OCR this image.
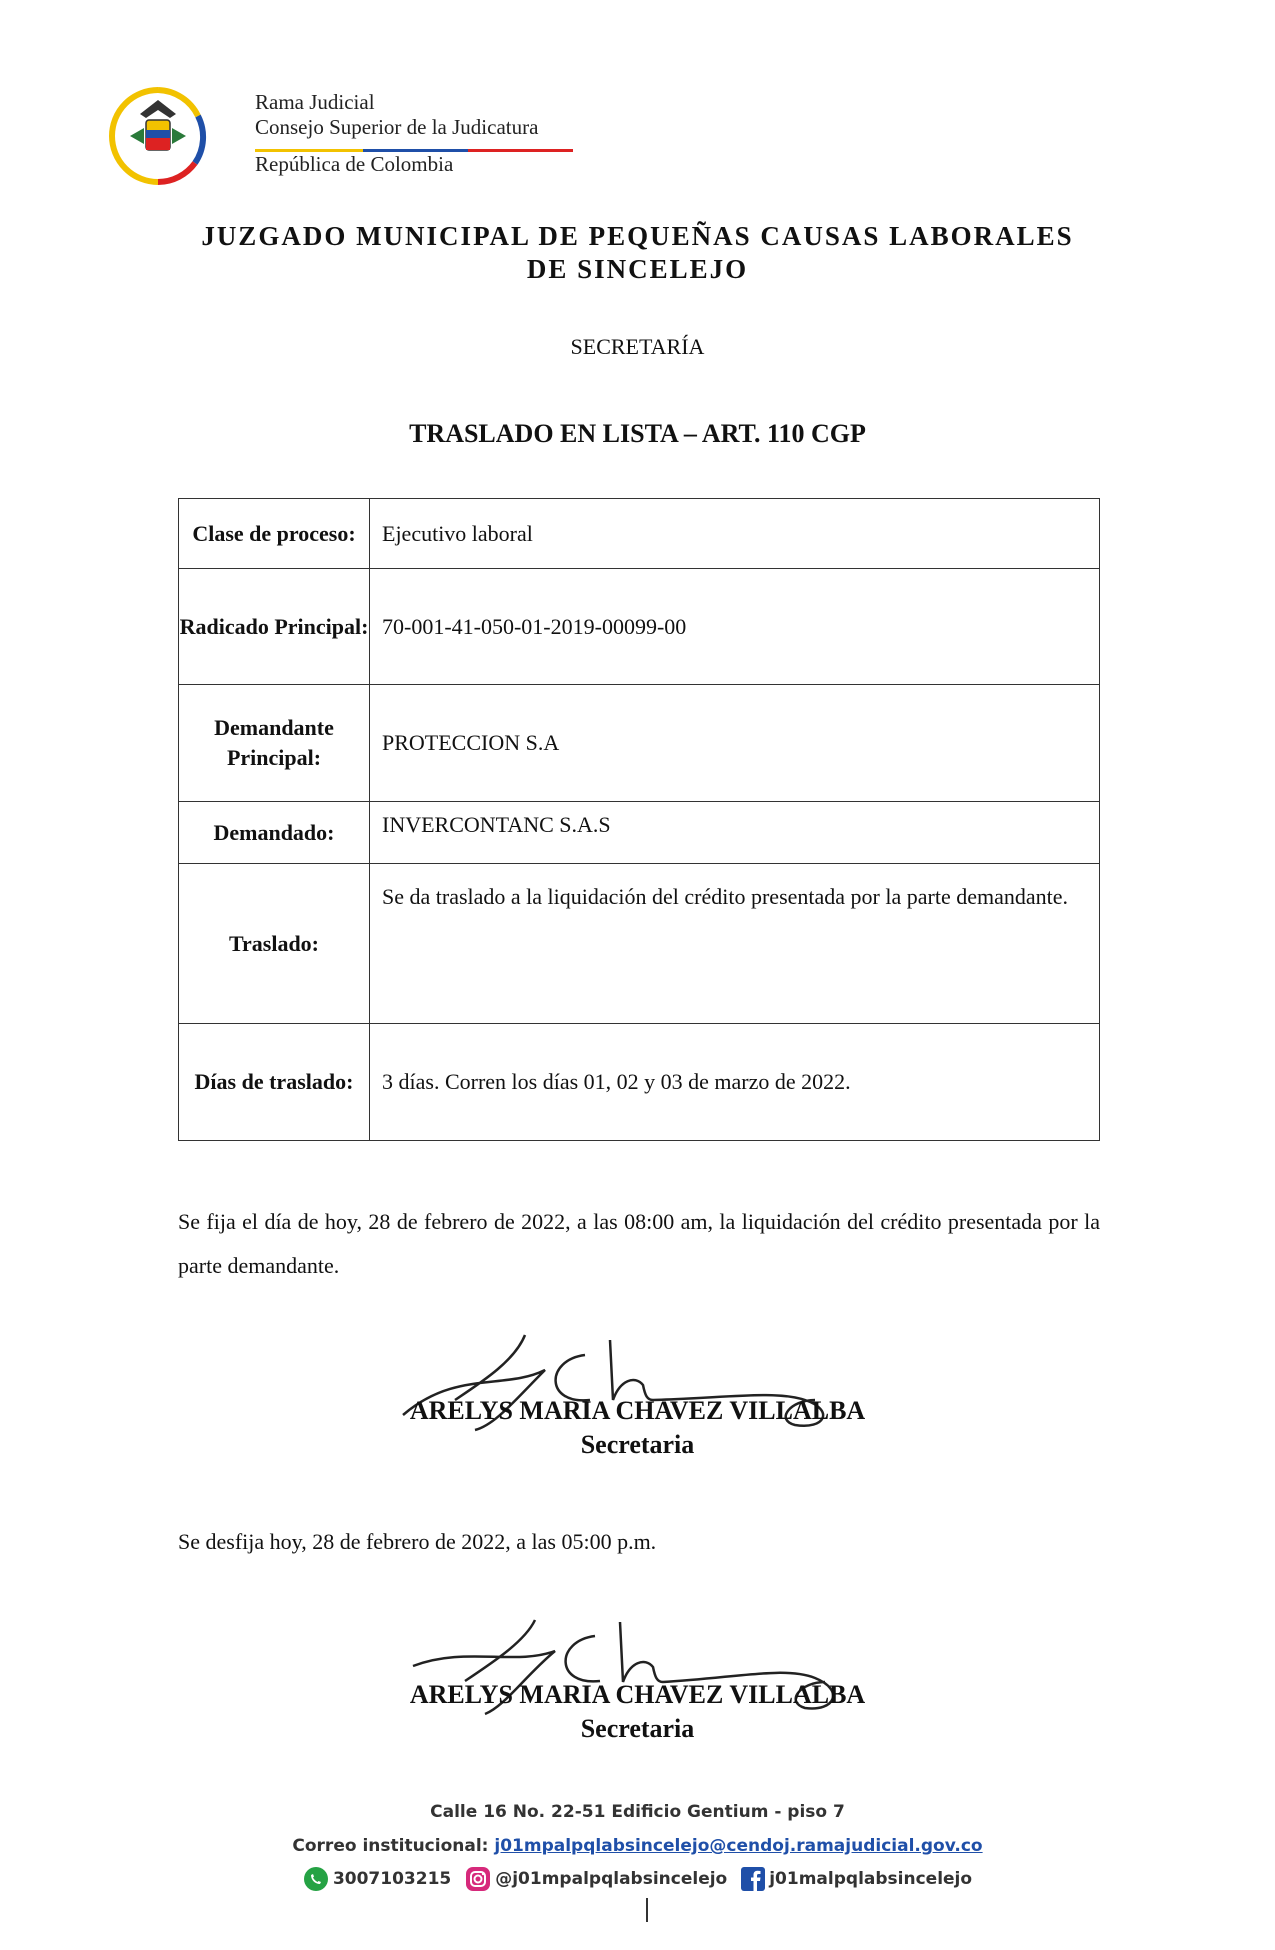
Rama Judicial
Consejo Superior de la Judicatura
República de Colombia
JUZGADO MUNICIPAL DE PEQUEÑAS CAUSAS LABORALES
DE SINCELEJO
SECRETARÍA
TRASLADO EN LISTA – ART. 110 CGP
Clase de proceso:	Ejecutivo laboral
Radicado Principal:	70-001-41-050-01-2019-00099-00
Demandante Principal:	PROTECCION S.A
Demandado:	INVERCONTANC S.A.S
Traslado:	Se da traslado a la liquidación del crédito presentada por la parte demandante.
Días de traslado:	3 días. Corren los días 01, 02 y 03 de marzo de 2022.
Se fija el día de hoy, 28 de febrero de 2022, a las 08:00 am, la liquidación del crédito presentada por la parte demandante.
ARELYS MARIA CHAVEZ VILLALBA
Secretaria
Se desfija hoy, 28 de febrero de 2022, a las 05:00 p.m.
ARELYS MARIA CHAVEZ VILLALBA
Secretaria
Calle 16 No. 22-51 Edificio Gentium - piso 7
Correo institucional: j01mpalpqlabsincelejo@cendoj.ramajudicial.gov.co
3007103215	@j01mpalpqlabsincelejo j01malpqlabsincelejo
